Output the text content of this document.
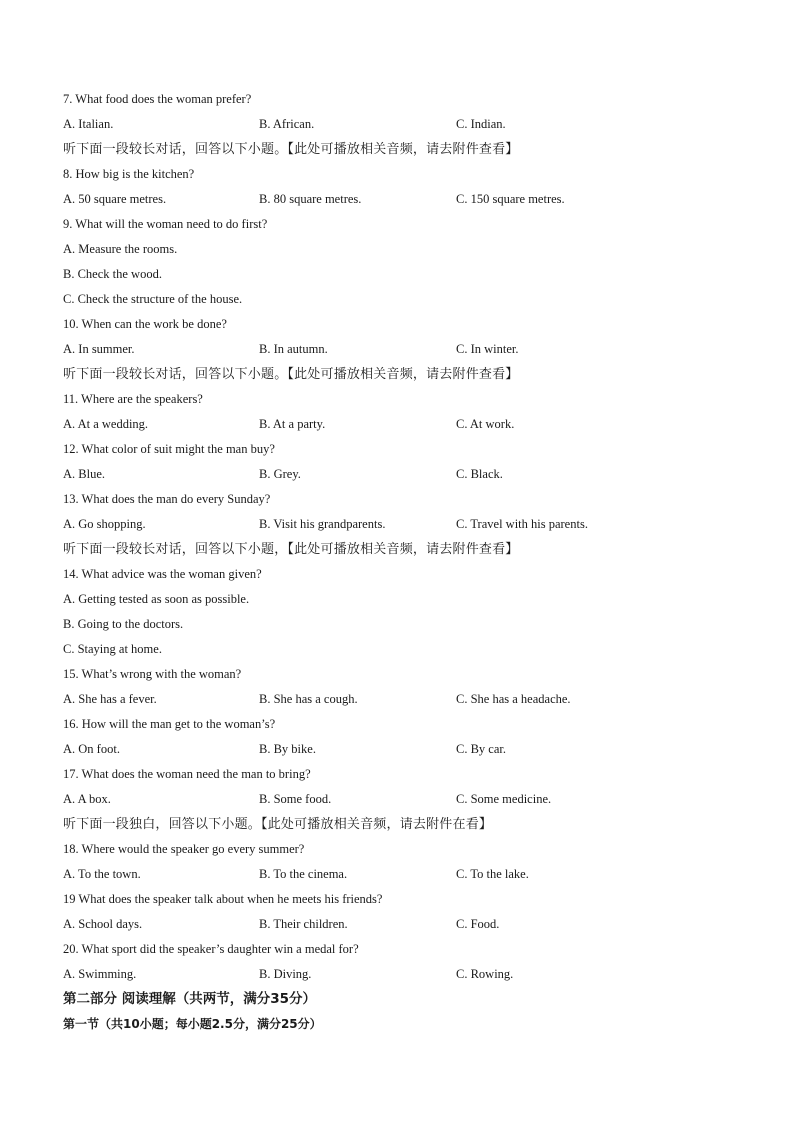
7. What food does the woman prefer?
A. Italian.	B. African.	C. Indian.
听下面一段较长对话，回答以下小题。【此处可播放相关音频，请去附件查看】
8. How big is the kitchen?
A. 50 square metres.	B. 80 square metres.	C. 150 square metres.
9. What will the woman need to do first?
A. Measure the rooms.
B. Check the wood.
C. Check the structure of the house.
10. When can the work be done?
A. In summer.	B. In autumn.	C. In winter.
听下面一段较长对话，回答以下小题。【此处可播放相关音频，请去附件查看】
11. Where are the speakers?
A. At a wedding.	B. At a party.	C. At work.
12. What color of suit might the man buy?
A. Blue.	B. Grey.	C. Black.
13. What does the man do every Sunday?
A. Go shopping.	B. Visit his grandparents.	C. Travel with his parents.
听下面一段较长对话，回答以下小题，【此处可播放相关音频，请去附件查看】
14. What advice was the woman given?
A. Getting tested as soon as possible.
B. Going to the doctors.
C. Staying at home.
15. What’s wrong with the woman?
A. She has a fever.	B. She has a cough.	C. She has a headache.
16. How will the man get to the woman’s?
A. On foot.	B. By bike.	C. By car.
17. What does the woman need the man to bring?
A. A box.	B. Some food.	C. Some medicine.
听下面一段独白，回答以下小题。【此处可播放相关音频，请去附件在看】
18. Where would the speaker go every summer?
A. To the town.	B. To the cinema.	C. To the lake.
19 What does the speaker talk about when he meets his friends?
A. School days.	B. Their children.	C. Food.
20. What sport did the speaker’s daughter win a medal for?
A. Swimming.	B. Diving.	C. Rowing.
第二部分 阅读理解（共两节，满分35分）
第一节（共10小题；每小题2.5分，满分25分）
